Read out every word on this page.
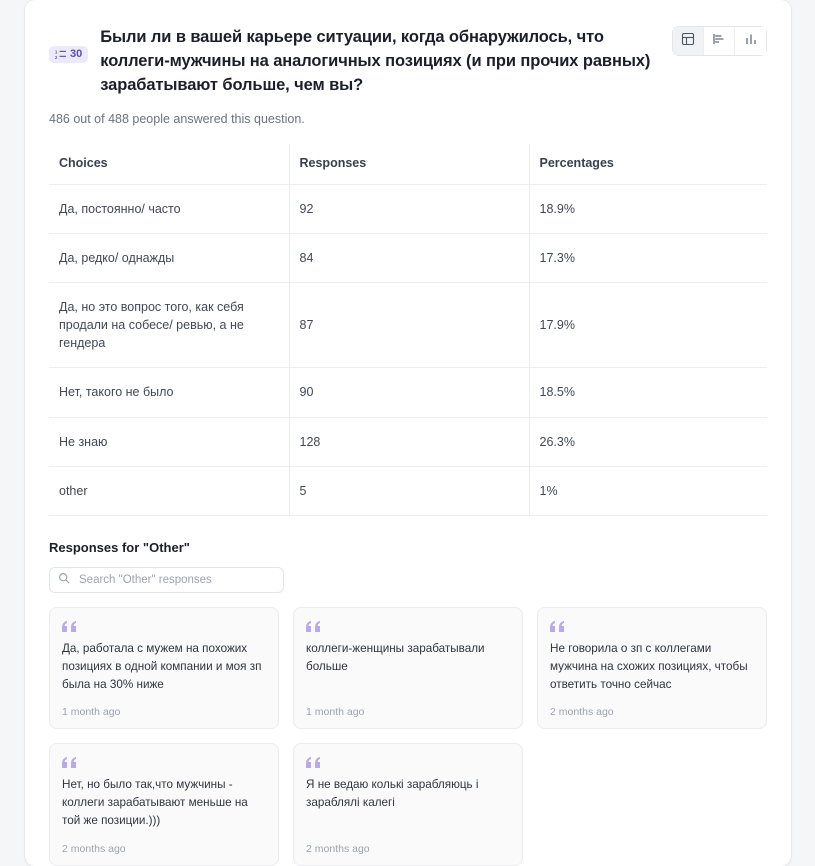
1
2 30
Были ли в вашей карьере ситуации, когда обнаружилось, что коллеги-мужчины на аналогичных позициях (и при прочих равных) зарабатывают больше, чем вы?
486 out of 488 people answered this question.
Choices	Responses	Percentages
Да, постоянно/ часто	92	18.9%
Да, редко/ однажды	84	17.3%
Да, но это вопрос того, как себя продали на собесе/ ревью, а не гендера	87	17.9%
Нет, такого не было	90	18.5%
Не знаю	128	26.3%
other	5	1%
Responses for "Other"
Search "Other" responses
Да, работала с мужем на похожих позициях в одной компании и моя зп была на 30% ниже
1 month ago
коллеги-женщины зарабатывали больше
1 month ago
Не говорила о зп с коллегами мужчина на схожих позициях, чтобы ответить точно сейчас
2 months ago
Нет, но было так,что мужчины - коллеги зарабатывают меньше на той же позиции.)))
2 months ago
Я не ведаю колькі зарабляюць і зараблялі калегі
2 months ago
